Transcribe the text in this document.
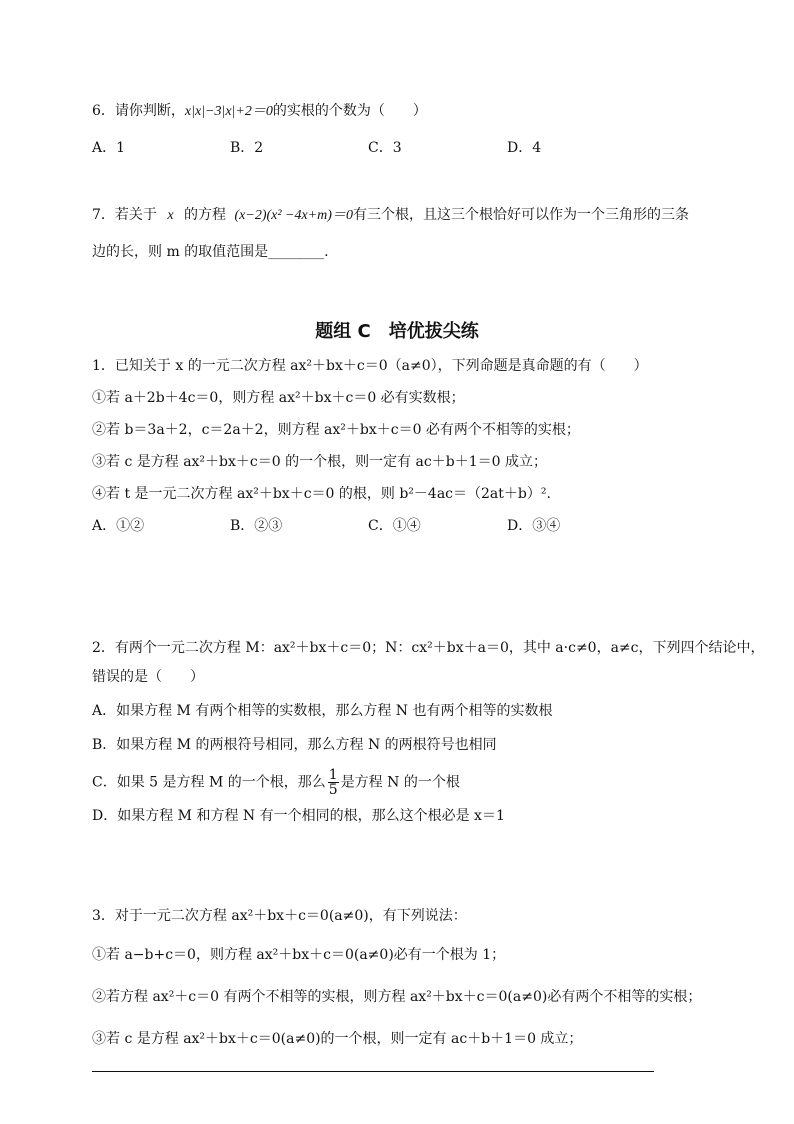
6．请你判断，x|x|−3|x|+2＝0的实根的个数为（　　）
A．1	B．2	C．3	D．4
7．若关于 x 的方程 (x−2)(x² −4x+m)＝0有三个根，且这三个根恰好可以作为一个三角形的三条
边的长，则 m 的取值范围是________.
题组 C　培优拔尖练
1．已知关于 x 的一元二次方程 ax²＋bx＋c＝0（a≠0），下列命题是真命题的有（　　）
①若 a＋2b＋4c＝0，则方程 ax²＋bx＋c＝0 必有实数根；
②若 b＝3a＋2，c＝2a＋2，则方程 ax²＋bx＋c＝0 必有两个不相等的实根；
③若 c 是方程 ax²＋bx＋c＝0 的一个根，则一定有 ac＋b＋1＝0 成立；
④若 t 是一元二次方程 ax²＋bx＋c＝0 的根，则 b²－4ac＝（2at＋b）².
A．①②	B．②③	C．①④	D．③④
2．有两个一元二次方程 M：ax²＋bx＋c＝0；N：cx²＋bx＋a＝0，其中 a·c≠0，a≠c，下列四个结论中，
错误的是（　　）
A．如果方程 M 有两个相等的实数根，那么方程 N 也有两个相等的实数根
B．如果方程 M 的两根符号相同，那么方程 N 的两根符号也相同
C．如果 5 是方程 M 的一个根，那么 $\frac{1}{5}$ 是方程 N 的一个根
D．如果方程 M 和方程 N 有一个相同的根，那么这个根必是 x＝1
3．对于一元二次方程 ax²＋bx＋c＝0(a≠0)，有下列说法：
①若 a−b+c＝0，则方程 ax²＋bx＋c＝0(a≠0)必有一个根为 1；
②若方程 ax²＋c＝0 有两个不相等的实根，则方程 ax²＋bx＋c＝0(a≠0)必有两个不相等的实根；
③若 c 是方程 ax²＋bx＋c＝0(a≠0)的一个根，则一定有 ac＋b＋1＝0 成立；
